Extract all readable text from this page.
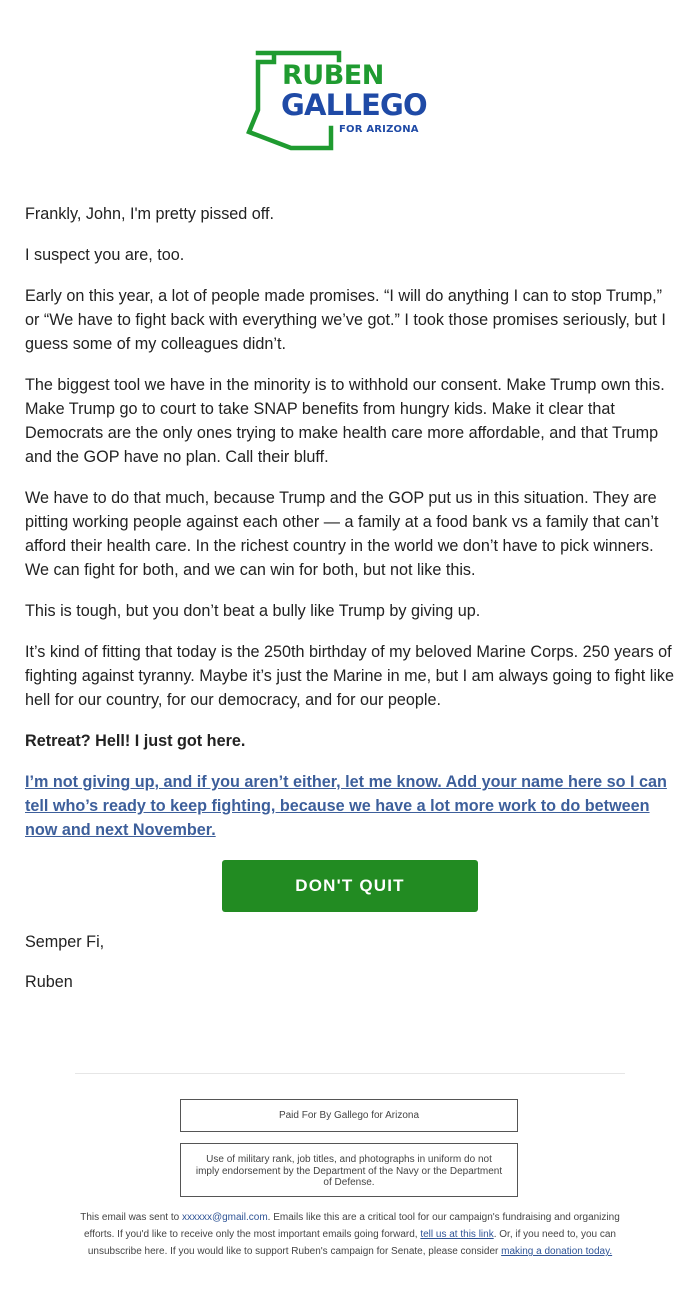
RUBEN
GALLEGO
FOR ARIZONA

Frankly, John, I'm pretty pissed off.

I suspect you are, too.

Early on this year, a lot of people made promises. “I will do anything I can to stop Trump,” or “We have to fight back with everything we’ve got.” I took those promises seriously, but I guess some of my colleagues didn’t.

The biggest tool we have in the minority is to withhold our consent. Make Trump own this. Make Trump go to court to take SNAP benefits from hungry kids. Make it clear that Democrats are the only ones trying to make health care more affordable, and that Trump and the GOP have no plan. Call their bluff.

We have to do that much, because Trump and the GOP put us in this situation. They are pitting working people against each other — a family at a food bank vs a family that can’t afford their health care. In the richest country in the world we don’t have to pick winners. We can fight for both, and we can win for both, but not like this.

This is tough, but you don’t beat a bully like Trump by giving up.

It’s kind of fitting that today is the 250th birthday of my beloved Marine Corps. 250 years of fighting against tyranny. Maybe it’s just the Marine in me, but I am always going to fight like hell for our country, for our democracy, and for our people.

Retreat? Hell! I just got here.

I’m not giving up, and if you aren’t either, let me know. Add your name here so I can tell who’s ready to keep fighting, because we have a lot more work to do between now and next November.

DON'T QUIT

Semper Fi,

Ruben

Paid For By Gallego for Arizona
Use of military rank, job titles, and photographs in uniform do not imply endorsement by the Department of the Navy or the Department of Defense.
This email was sent to xxxxxx@gmail.com. Emails like this are a critical tool for our campaign's fundraising and organizing efforts. If you'd like to receive only the most important emails going forward, tell us at this link. Or, if you need to, you can unsubscribe here. If you would like to support Ruben's campaign for Senate, please consider making a donation today.
